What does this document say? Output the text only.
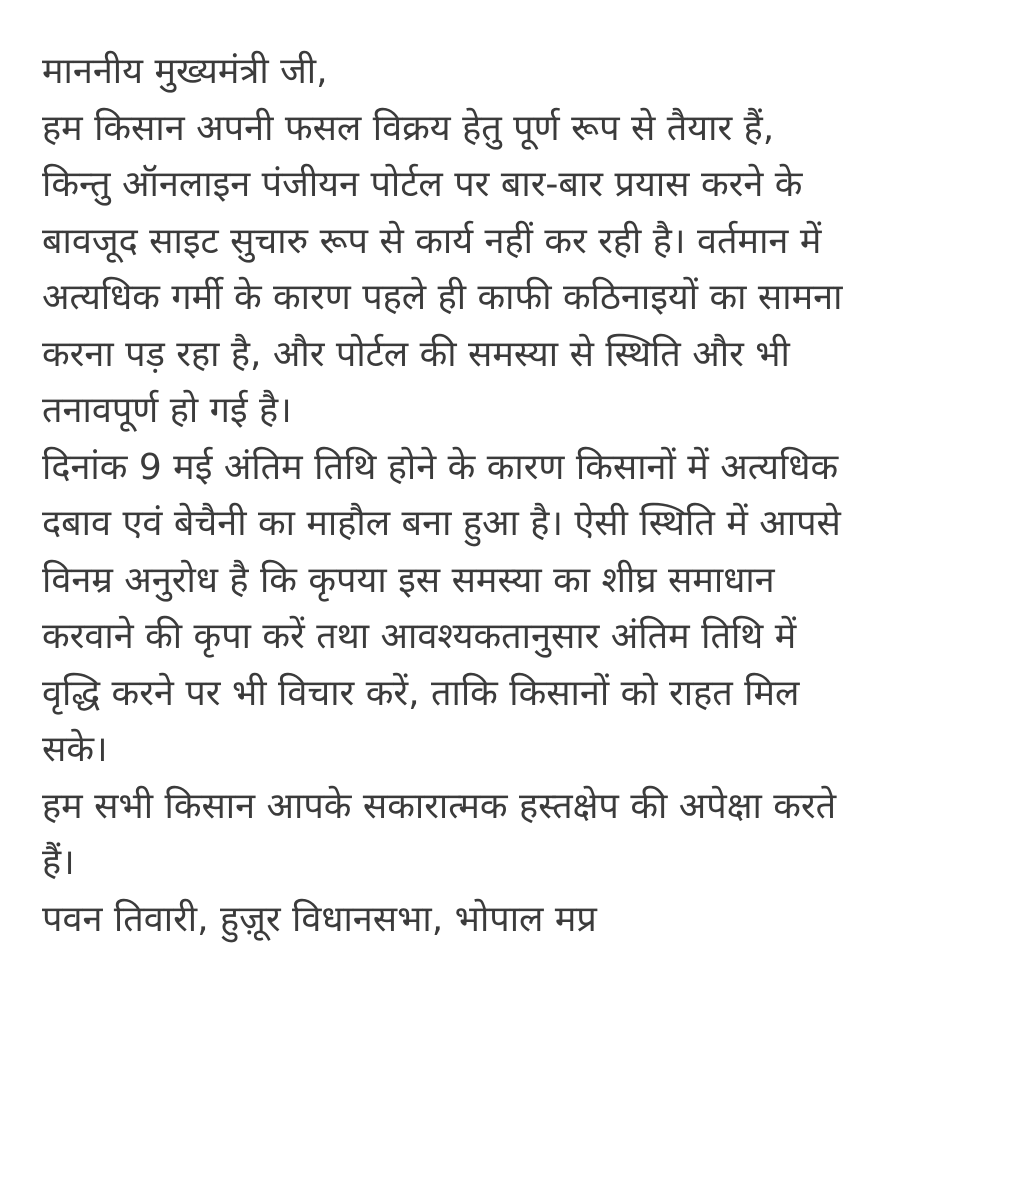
माननीय मुख्यमंत्री जी,
हम किसान अपनी फसल विक्रय हेतु पूर्ण रूप से तैयार हैं,
किन्तु ऑनलाइन पंजीयन पोर्टल पर बार-बार प्रयास करने के
बावजूद साइट सुचारु रूप से कार्य नहीं कर रही है। वर्तमान में
अत्यधिक गर्मी के कारण पहले ही काफी कठिनाइयों का सामना
करना पड़ रहा है, और पोर्टल की समस्या से स्थिति और भी
तनावपूर्ण हो गई है।
दिनांक 9 मई अंतिम तिथि होने के कारण किसानों में अत्यधिक
दबाव एवं बेचैनी का माहौल बना हुआ है। ऐसी स्थिति में आपसे
विनम्र अनुरोध है कि कृपया इस समस्या का शीघ्र समाधान
करवाने की कृपा करें तथा आवश्यकतानुसार अंतिम तिथि में
वृद्धि करने पर भी विचार करें, ताकि किसानों को राहत मिल
सके।
हम सभी किसान आपके सकारात्मक हस्तक्षेप की अपेक्षा करते
हैं।
पवन तिवारी, हुज़ूर विधानसभा, भोपाल मप्र
